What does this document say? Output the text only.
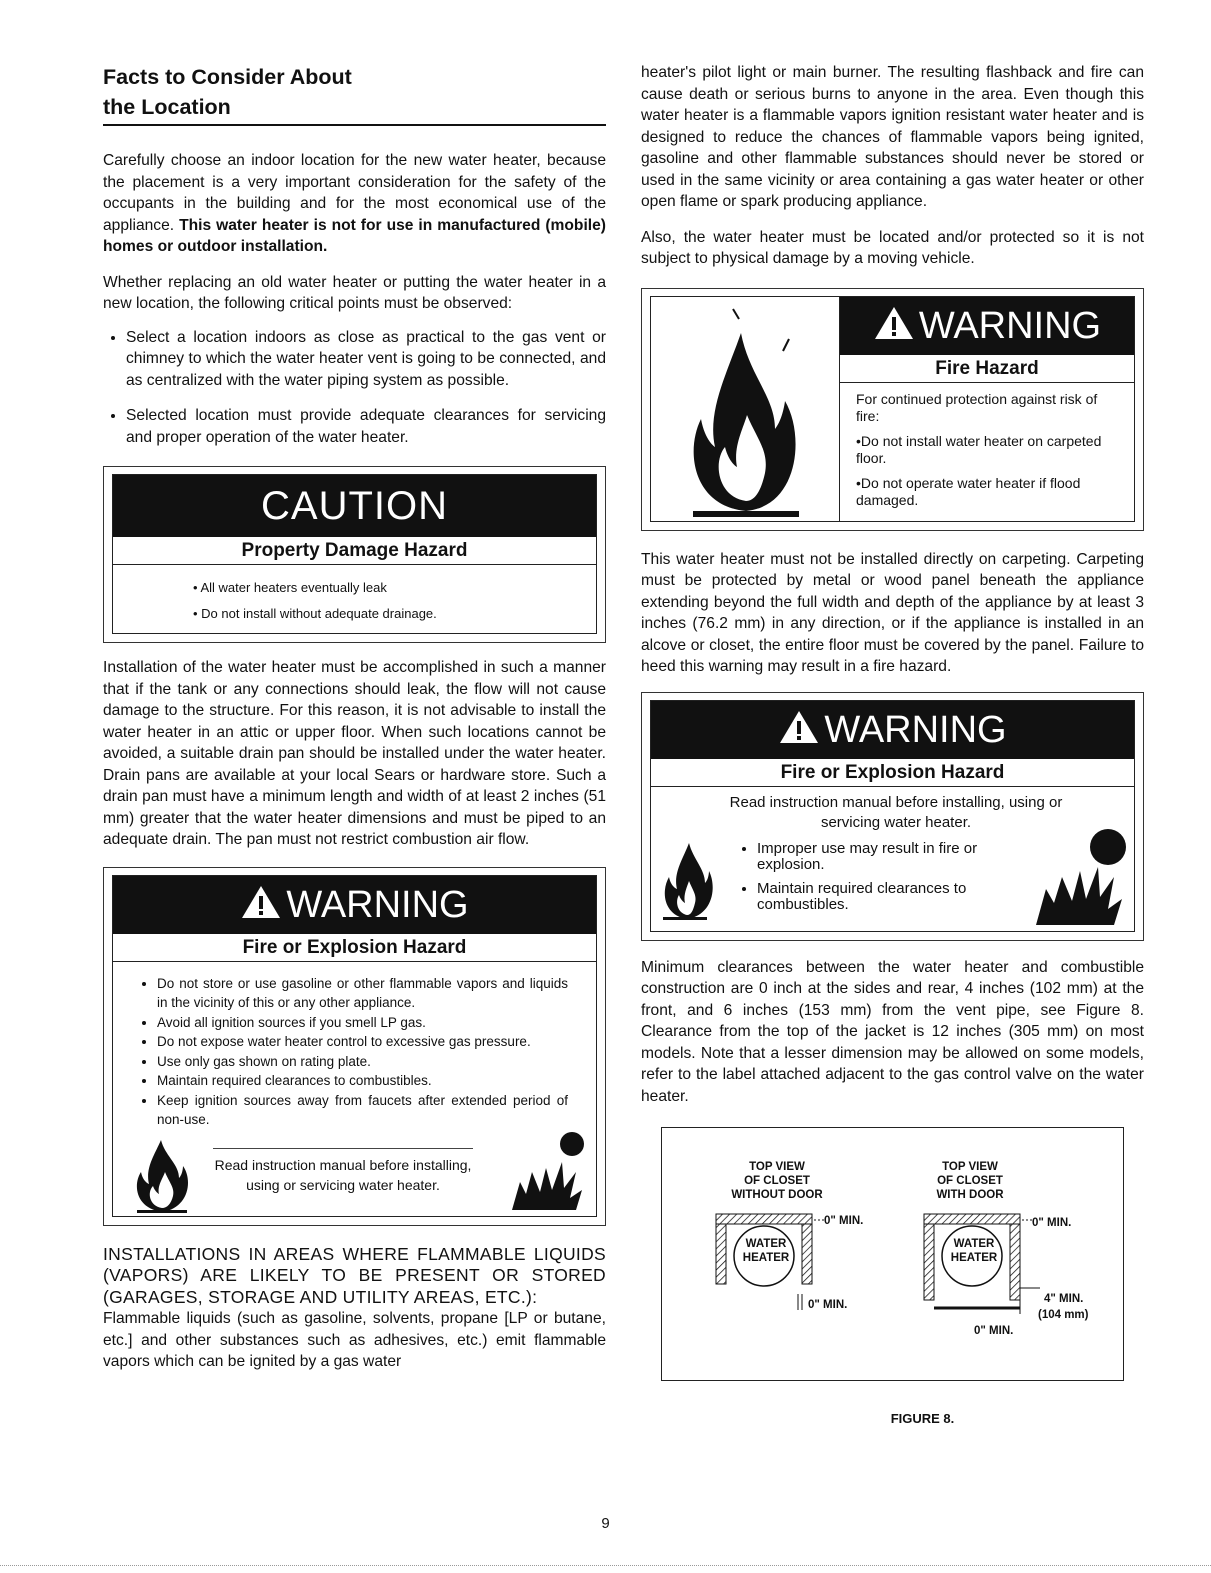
Facts to Consider About
the Location

Carefully choose an indoor location for the new water heater, because the placement is a very important consideration for the safety of the occupants in the building and for the most economical use of the appliance. This water heater is not for use in manufactured (mobile) homes or outdoor installation.

Whether replacing an old water heater or putting the water heater in a new location, the following critical points must be observed:

• Select a location indoors as close as practical to the gas vent or chimney to which the water heater vent is going to be connected, and as centralized with the water piping system as possible.
• Selected location must provide adequate clearances for servicing and proper operation of the water heater.
CAUTION
Property Damage Hazard
• All water heaters eventually leak
• Do not install without adequate drainage.

Installation of the water heater must be accomplished in such a manner that if the tank or any connections should leak, the flow will not cause damage to the structure. For this reason, it is not advisable to install the water heater in an attic or upper floor. When such locations cannot be avoided, a suitable drain pan should be installed under the water heater. Drain pans are available at your local Sears or hardware store. Such a drain pan must have a minimum length and width of at least 2 inches (51 mm) greater that the water heater dimensions and must be piped to an adequate drain. The pan must not restrict combustion air flow.

WARNING
Fire or Explosion Hazard
• Do not store or use gasoline or other flammable vapors and liquids in the vicinity of this or any other appliance.
• Avoid all ignition sources if you smell LP gas.
• Do not expose water heater control to excessive gas pressure.
• Use only gas shown on rating plate.
• Maintain required clearances to combustibles.
• Keep ignition sources away from faucets after extended period of non-use.
Read instruction manual before installing, using or servicing water heater.

INSTALLATIONS IN AREAS WHERE FLAMMABLE LIQUIDS (VAPORS) ARE LIKELY TO BE PRESENT OR STORED (GARAGES, STORAGE AND UTILITY AREAS, ETC.):

Flammable liquids (such as gasoline, solvents, propane [LP or butane, etc.] and other substances such as adhesives, etc.) emit flammable vapors which can be ignited by a gas water

heater's pilot light or main burner. The resulting flashback and fire can cause death or serious burns to anyone in the area. Even though this water heater is a flammable vapors ignition resistant water heater and is designed to reduce the chances of flammable vapors being ignited, gasoline and other flammable substances should never be stored or used in the same vicinity or area containing a gas water heater or other open flame or spark producing appliance.

Also, the water heater must be located and/or protected so it is not subject to physical damage by a moving vehicle.

WARNING
Fire Hazard
For continued protection against risk of fire:
•Do not install water heater on carpeted floor.
•Do not operate water heater if flood damaged.

This water heater must not be installed directly on carpeting. Carpeting must be protected by metal or wood panel beneath the appliance extending beyond the full width and depth of the appliance by at least 3 inches (76.2 mm) in any direction, or if the appliance is installed in an alcove or closet, the entire floor must be covered by the panel. Failure to heed this warning may result in a fire hazard.

WARNING
Fire or Explosion Hazard
Read instruction manual before installing, using or servicing water heater.
• Improper use may result in fire or explosion.
• Maintain required clearances to combustibles.

Minimum clearances between the water heater and combustible construction are 0 inch at the sides and rear, 4 inches (102 mm) at the front, and 6 inches (153 mm) from the vent pipe, see Figure 8. Clearance from the top of the jacket is 12 inches (305 mm) on most models. Note that a lesser dimension may be allowed on some models, refer to the label attached adjacent to the gas control valve on the water heater.

TOP VIEW
OF CLOSET
WITHOUT DOOR
TOP VIEW
OF CLOSET
WITH DOOR
WATER
HEATER
0" MIN.
0" MIN.
WATER
HEATER
0" MIN.
4" MIN.
(104 mm)
0" MIN.
FIGURE 8.
9
